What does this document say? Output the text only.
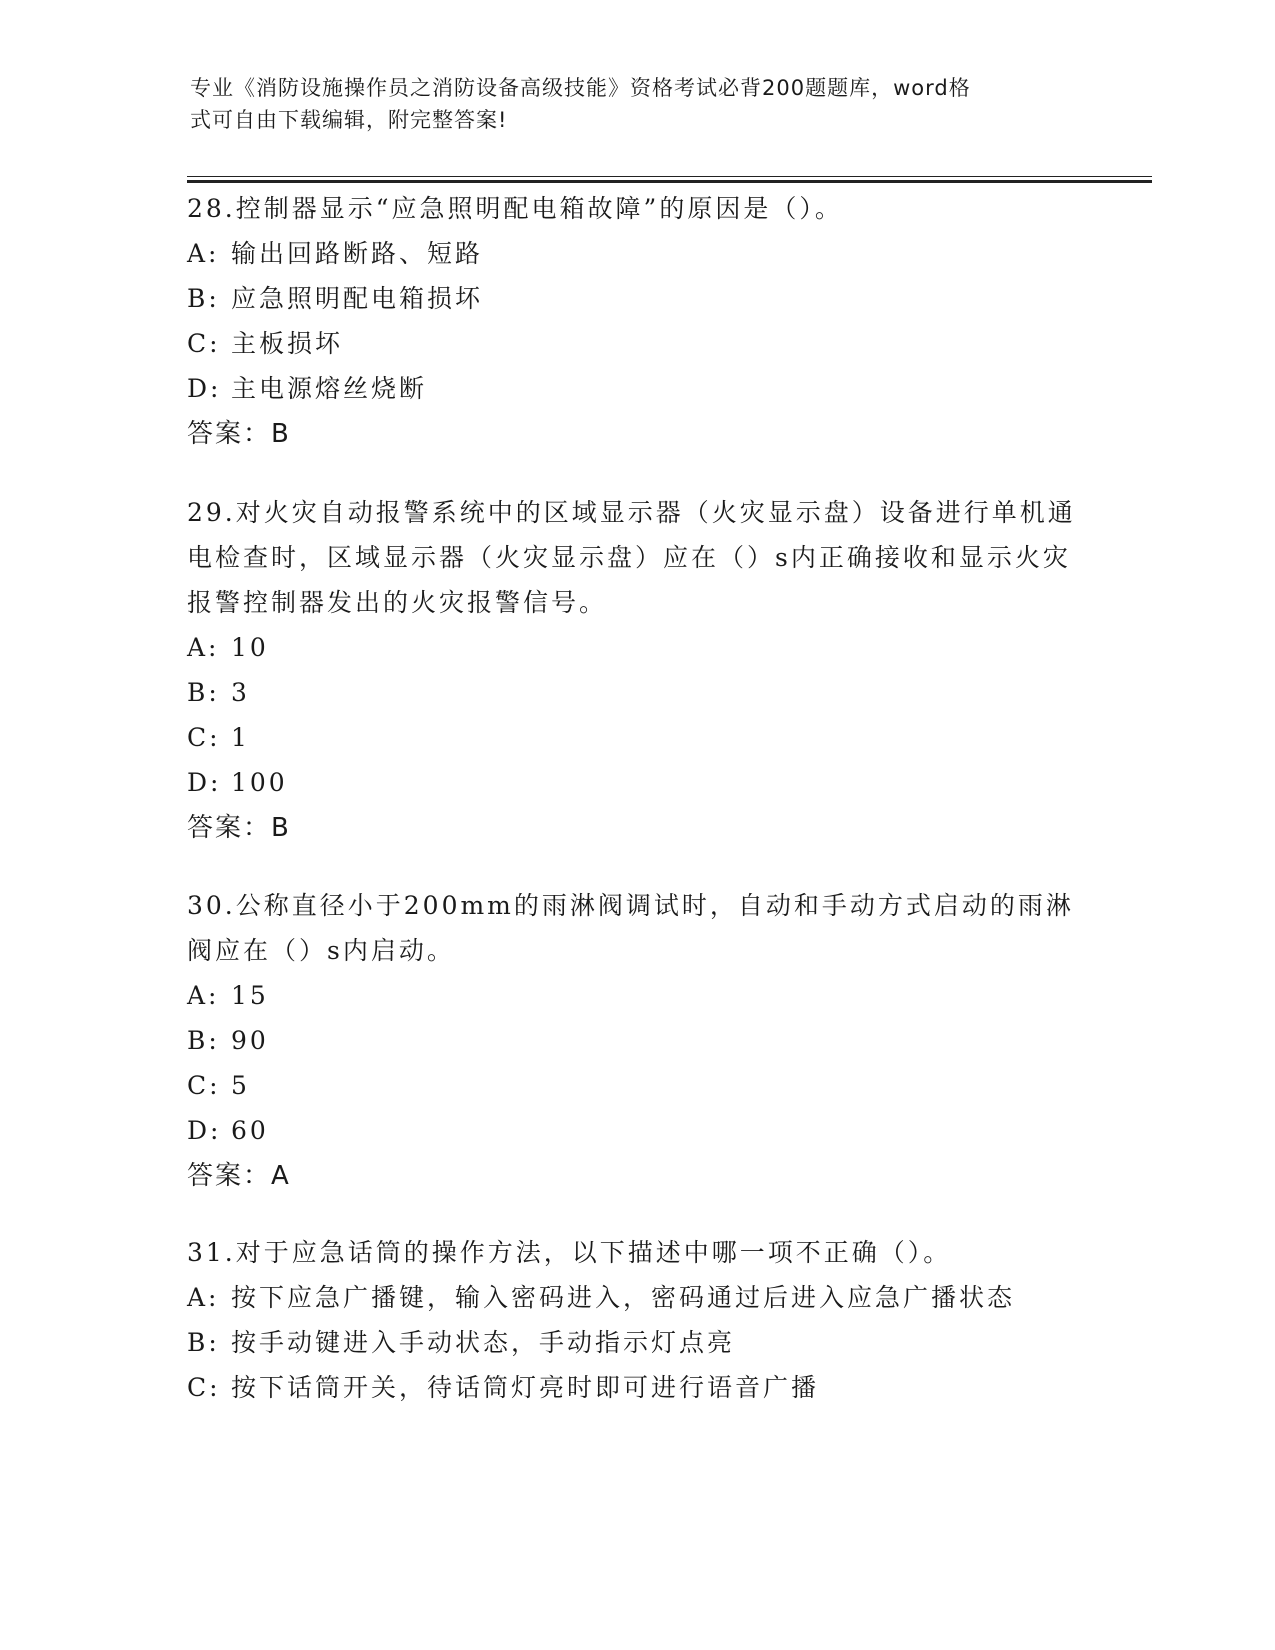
专业《消防设施操作员之消防设备高级技能》资格考试必背200题题库，word格
式可自由下载编辑，附完整答案!

28.控制器显示“应急照明配电箱故障”的原因是（）。

A: 输出回路断路、短路

B: 应急照明配电箱损坏

C: 主板损坏

D: 主电源熔丝烧断

答案：B

29.对火灾自动报警系统中的区域显示器（火灾显示盘）设备进行单机通电检查时，区域显示器（火灾显示盘）应在（）s内正确接收和显示火灾报警控制器发出的火灾报警信号。

A: 10

B: 3

C: 1

D: 100

答案：B

30.公称直径小于200mm的雨淋阀调试时，自动和手动方式启动的雨淋阀应在（）s内启动。

A: 15

B: 90

C: 5

D: 60

答案：A

31.对于应急话筒的操作方法，以下描述中哪一项不正确（）。

A: 按下应急广播键，输入密码进入，密码通过后进入应急广播状态

B: 按手动键进入手动状态，手动指示灯点亮

C: 按下话筒开关，待话筒灯亮时即可进行语音广播
